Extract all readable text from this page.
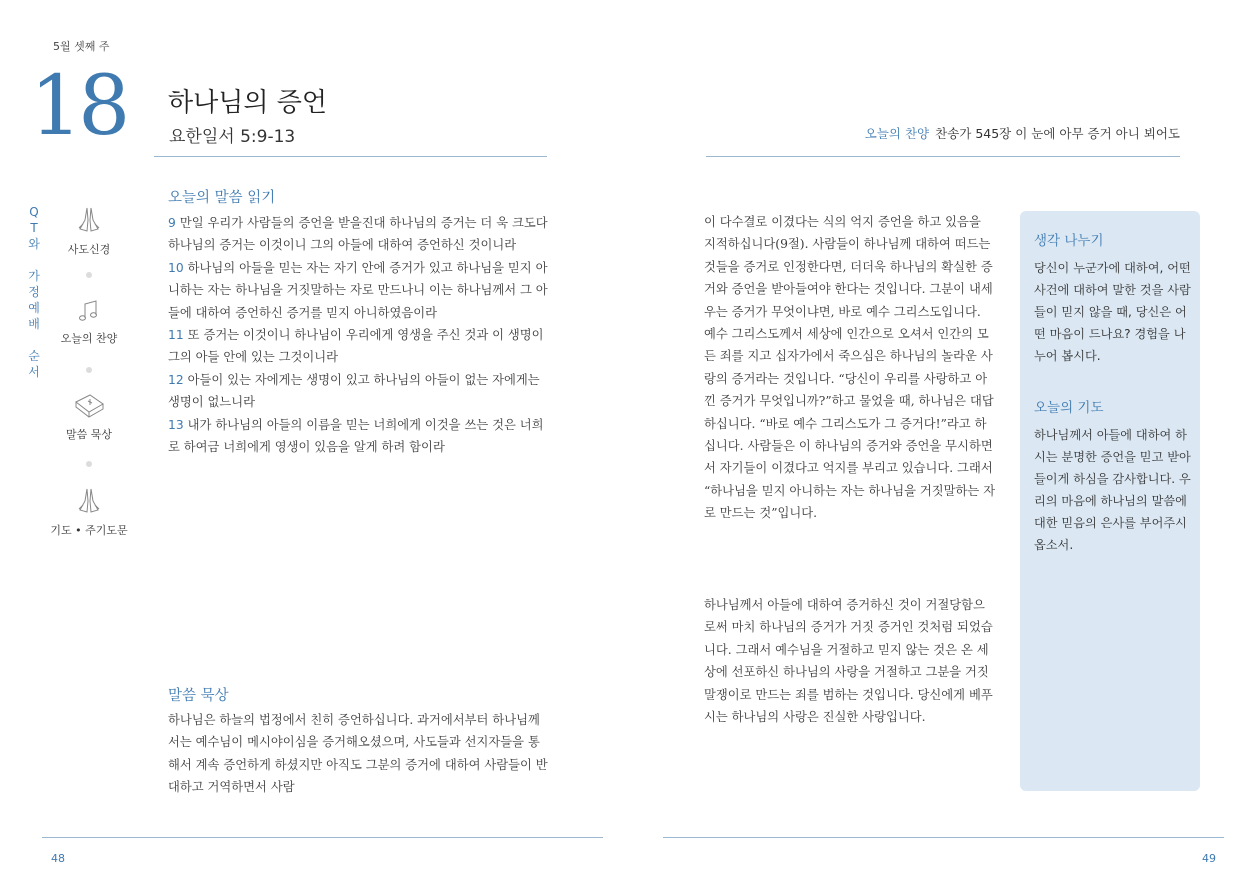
5월 셋째 주
18 하나님의 증언
요한일서 5:9-13	오늘의 찬양 찬송가 545장 이 눈에 아무 증거 아니 뵈어도
Q
T
와
가
정
예
배
순
서
사도신경
오늘의 찬양
말씀 묵상
기도 • 주기도문
오늘의 말씀 읽기
9 만일 우리가 사람들의 증언을 받을진대 하나님의 증거는 더 욱 크도다 하나님의 증거는 이것이니 그의 아들에 대하여 증언하신 것이니라
10 하나님의 아들을 믿는 자는 자기 안에 증거가 있고 하나님을 믿지 아니하는 자는 하나님을 거짓말하는 자로 만드나니 이는 하나님께서 그 아들에 대하여 증언하신 증거를 믿지 아니하였음이라
11 또 증거는 이것이니 하나님이 우리에게 영생을 주신 것과 이 생명이 그의 아들 안에 있는 그것이니라
12 아들이 있는 자에게는 생명이 있고 하나님의 아들이 없는 자에게는 생명이 없느니라
13 내가 하나님의 아들의 이름을 믿는 너희에게 이것을 쓰는 것은 너희로 하여금 너희에게 영생이 있음을 알게 하려 함이라
말씀 묵상
하나님은 하늘의 법정에서 친히 증언하십니다. 과거에서부터 하나님께서는 예수님이 메시야이심을 증거해오셨으며, 사도들과 선지자들을 통해서 계속 증언하게 하셨지만 아직도 그분의 증거에 대하여 사람들이 반대하고 거역하면서 사람
이 다수결로 이겼다는 식의 억지 증언을 하고 있음을 지적하십니다(9절). 사람들이 하나님께 대하여 떠드는 것들을 증거로 인정한다면, 더더욱 하나님의 확실한 증거와 증언을 받아들여야 한다는 것입니다. 그분이 내세우는 증거가 무엇이냐면, 바로 예수 그리스도입니다. 예수 그리스도께서 세상에 인간으로 오셔서 인간의 모든 죄를 지고 십자가에서 죽으심은 하나님의 놀라운 사랑의 증거라는 것입니다. “당신이 우리를 사랑하고 아낀 증거가 무엇입니까?”하고 물었을 때, 하나님은 대답하십니다. “바로 예수 그리스도가 그 증거다!”라고 하십니다. 사람들은 이 하나님의 증거와 증언을 무시하면서 자기들이 이겼다고 억지를 부리고 있습니다. 그래서 “하나님을 믿지 아니하는 자는 하나님을 거짓말하는 자로 만드는 것”입니다.
하나님께서 아들에 대하여 증거하신 것이 거절당함으로써 마치 하나님의 증거가 거짓 증거인 것처럼 되었습니다. 그래서 예수님을 거절하고 믿지 않는 것은 온 세상에 선포하신 하나님의 사랑을 거절하고 그분을 거짓말쟁이로 만드는 죄를 범하는 것입니다. 당신에게 베푸시는 하나님의 사랑은 진실한 사랑입니다.
생각 나누기
당신이 누군가에 대하여, 어떤 사건에 대하여 말한 것을 사람들이 믿지 않을 때, 당신은 어떤 마음이 드나요? 경험을 나누어 봅시다.
오늘의 기도
하나님께서 아들에 대하여 하시는 분명한 증언을 믿고 받아들이게 하심을 감사합니다. 우리의 마음에 하나님의 말씀에 대한 믿음의 은사를 부어주시옵소서.
48	49
